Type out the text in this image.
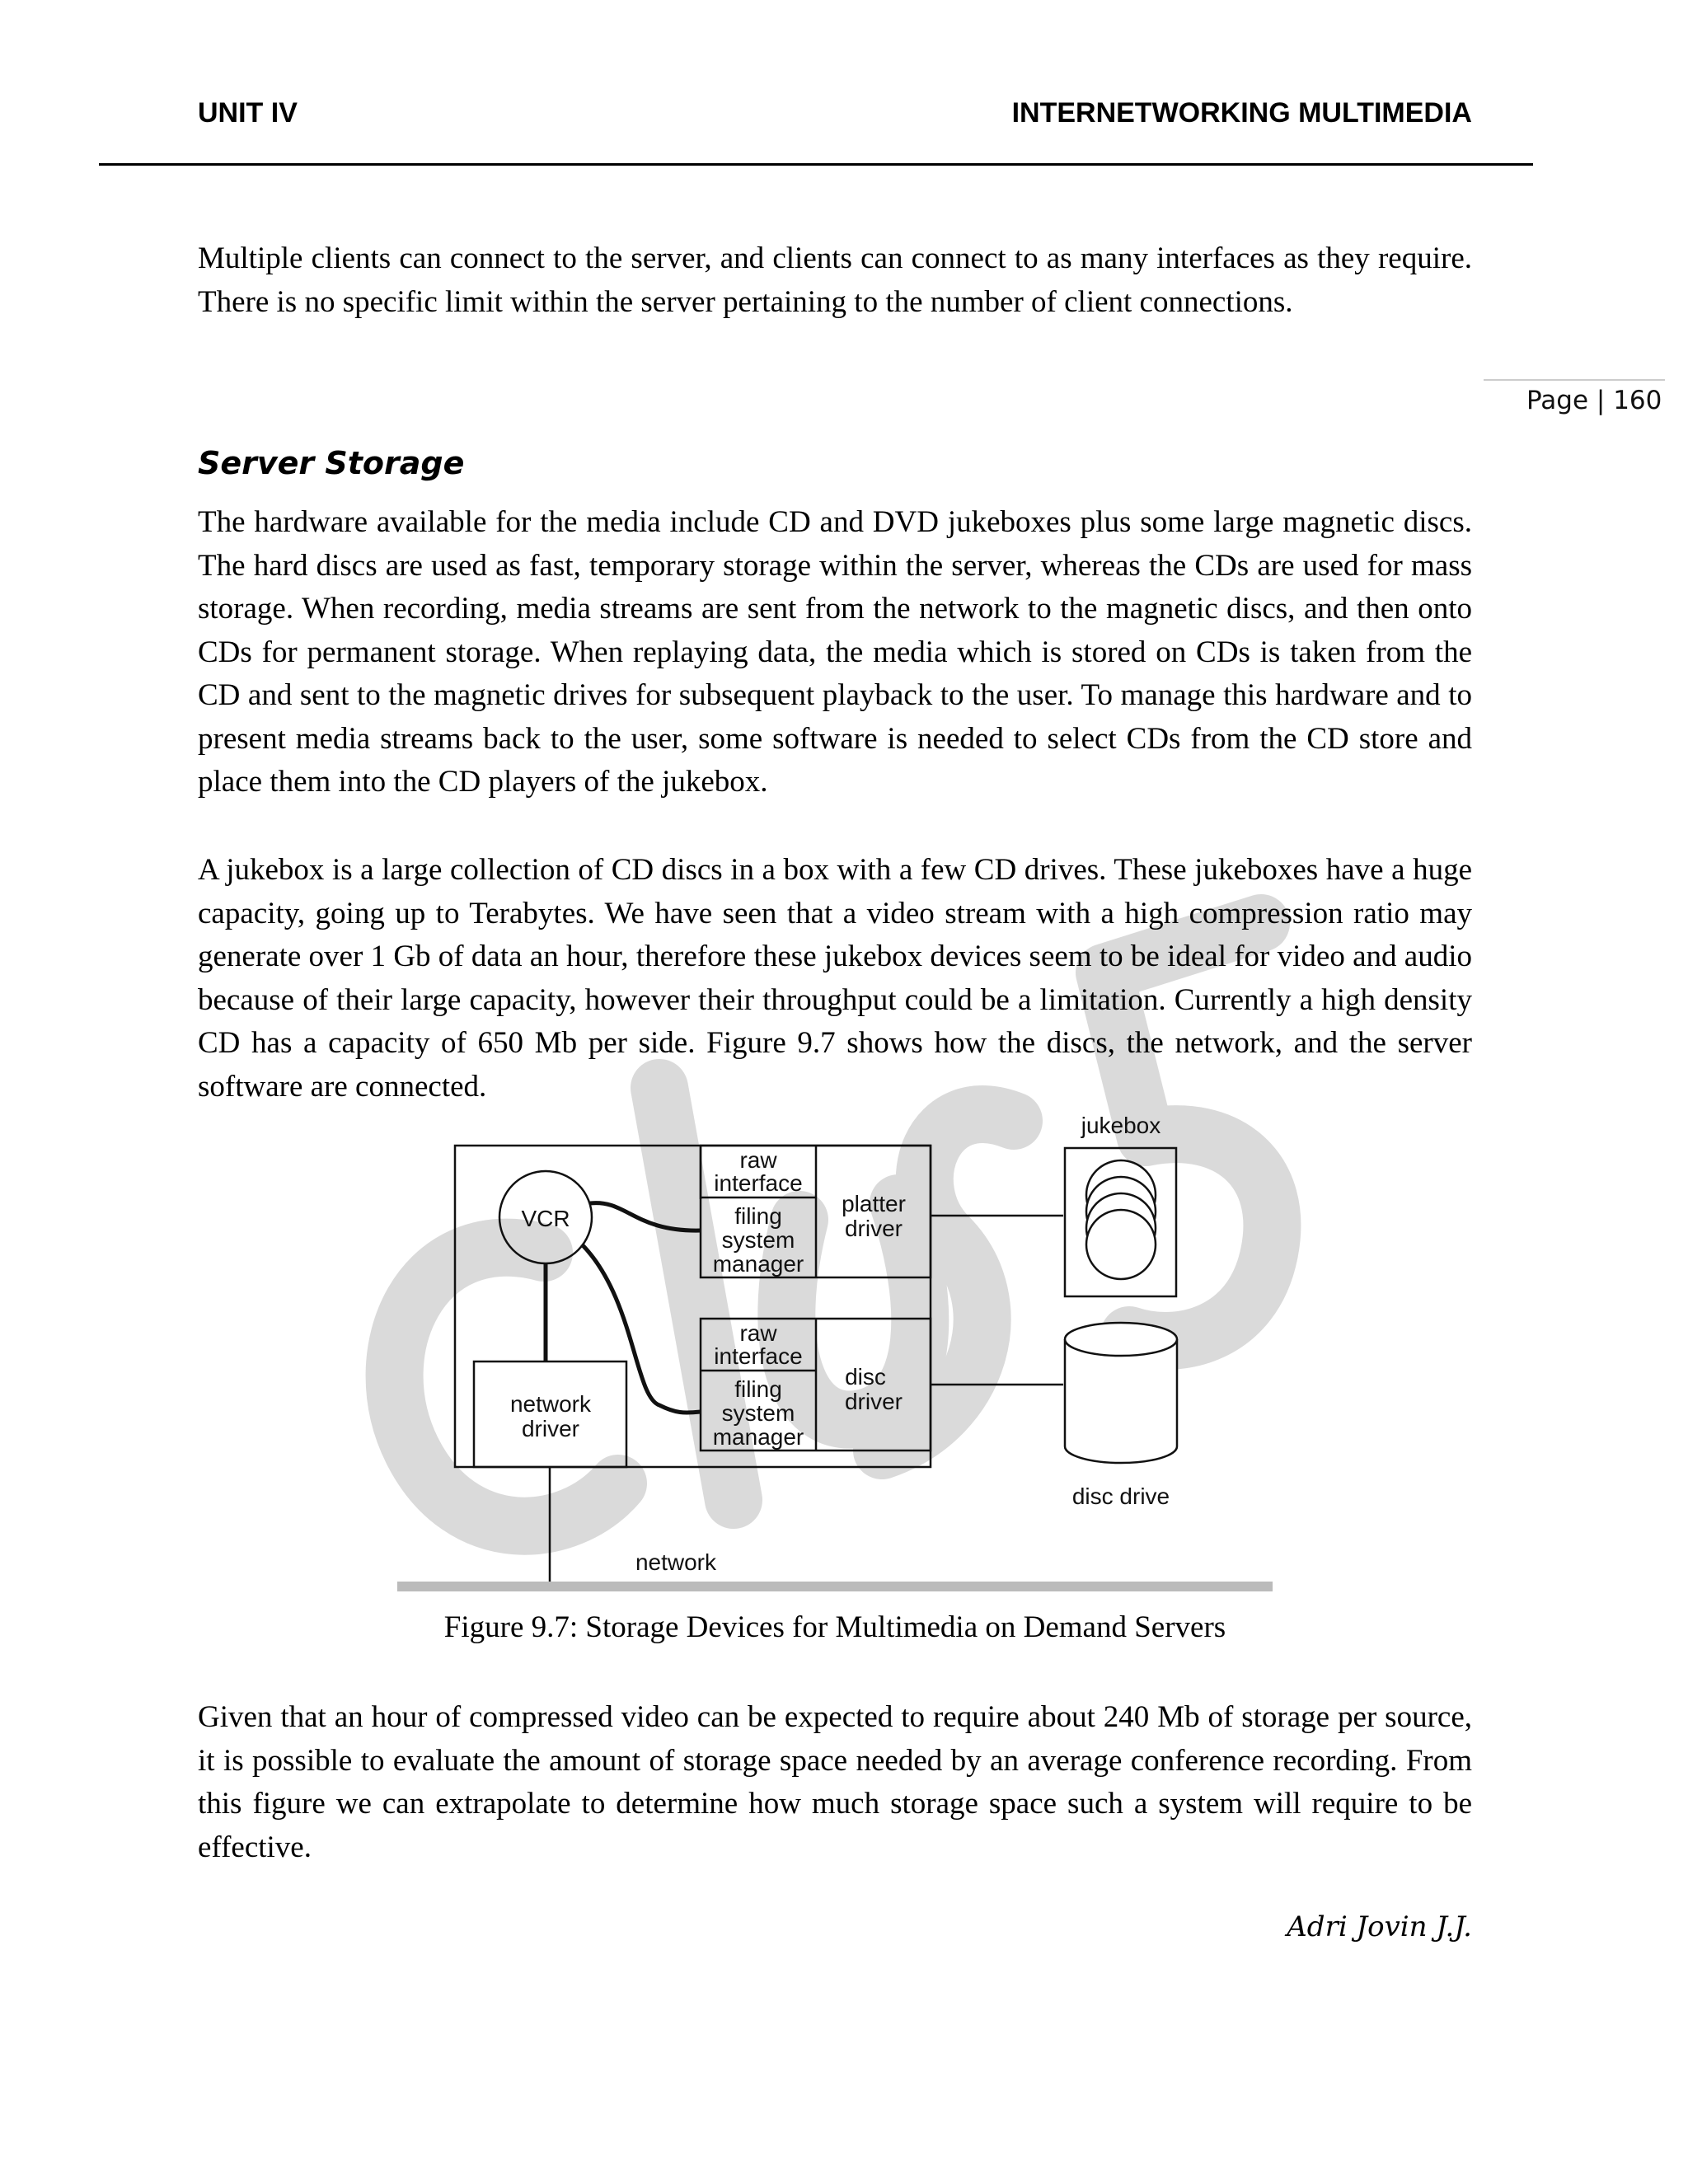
UNIT IV	INTERNETWORKING MULTIMEDIA
Page | 160

Multiple clients can connect to the server, and clients can connect to as many interfaces as they require. There is no specific limit within the server pertaining to the number of client connections.

Server Storage

The hardware available for the media include CD and DVD jukeboxes plus some large magnetic discs. The hard discs are used as fast, temporary storage within the server, whereas the CDs are used for mass storage. When recording, media streams are sent from the network to the magnetic discs, and then onto CDs for permanent storage. When replaying data, the media which is stored on CDs is taken from the CD and sent to the magnetic drives for subsequent playback to the user. To manage this hardware and to present media streams back to the user, some software is needed to select CDs from the CD store and place them into the CD players of the jukebox.

A jukebox is a large collection of CD discs in a box with a few CD drives. These jukeboxes have a huge capacity, going up to Terabytes. We have seen that a video stream with a high compression ratio may generate over 1 Gb of data an hour, therefore these jukebox devices seem to be ideal for video and audio because of their large capacity, however their throughput could be a limitation. Currently a high density CD has a capacity of 650 Mb per side. Figure 9.7 shows how the discs, the network, and the server software are connected.

VCR
raw
interface
filing
system
manager
platter
driver
raw
interface
filing
system
manager
disc
driver
network
driver
jukebox
disc drive
network
Figure 9.7: Storage Devices for Multimedia on Demand Servers

Given that an hour of compressed video can be expected to require about 240 Mb of storage per source, it is possible to evaluate the amount of storage space needed by an average conference recording. From this figure we can extrapolate to determine how much storage space such a system will require to be effective.

Adri Jovin J.J.
